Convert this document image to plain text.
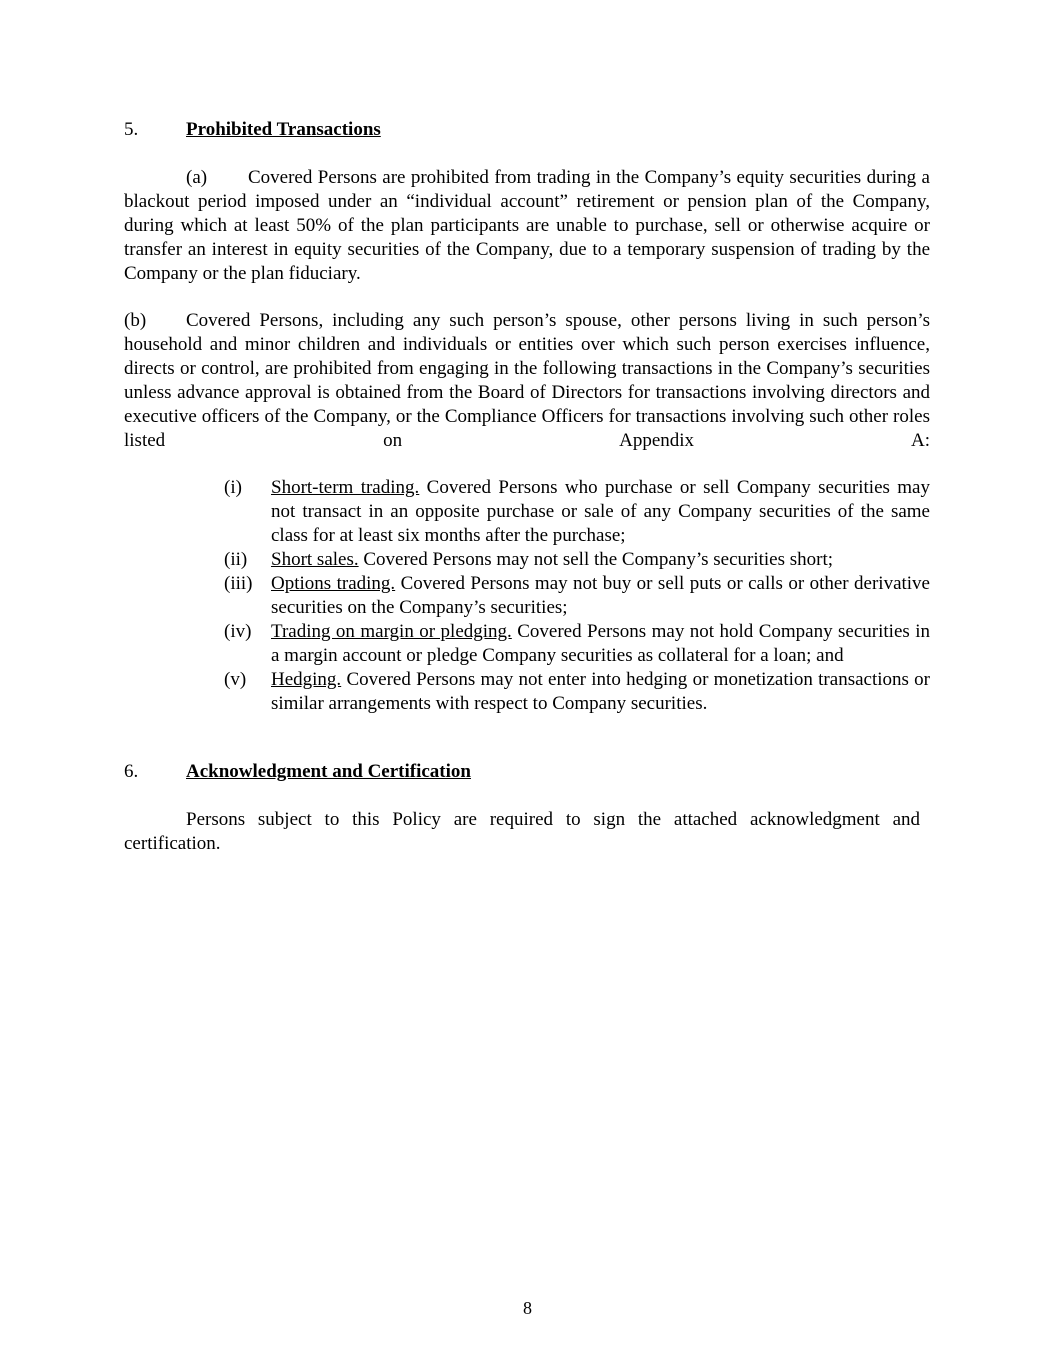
5.	Prohibited Transactions

(a) Covered Persons are prohibited from trading in the Company’s equity securities during a blackout period imposed under an “individual account” retirement or pension plan of the Company, during which at least 50% of the plan participants are unable to purchase, sell or otherwise acquire or transfer an interest in equity securities of the Company, due to a temporary suspension of trading by the Company or the plan fiduciary.

(b) Covered Persons, including any such person’s spouse, other persons living in such person’s household and minor children and individuals or entities over which such person exercises influence, directs or control, are prohibited from engaging in the following transactions in the Company’s securities unless advance approval is obtained from the Board of Directors for transactions involving directors and executive officers of the Company, or the Compliance Officers for transactions involving such other roles listed on Appendix A:

(i)	Short-term trading. Covered Persons who purchase or sell Company securities may not transact in an opposite purchase or sale of any Company securities of the same class for at least six months after the purchase;
(ii)	Short sales. Covered Persons may not sell the Company’s securities short;
(iii) Options trading. Covered Persons may not buy or sell puts or calls or other derivative securities on the Company’s securities;
(iv)	Trading on margin or pledging. Covered Persons may not hold Company securities in a margin account or pledge Company securities as collateral for a loan; and
(v)	Hedging. Covered Persons may not enter into hedging or monetization transactions or similar arrangements with respect to Company securities.
6.	Acknowledgment and Certification

Persons subject to this Policy are required to sign the attached acknowledgment and certification.

8
